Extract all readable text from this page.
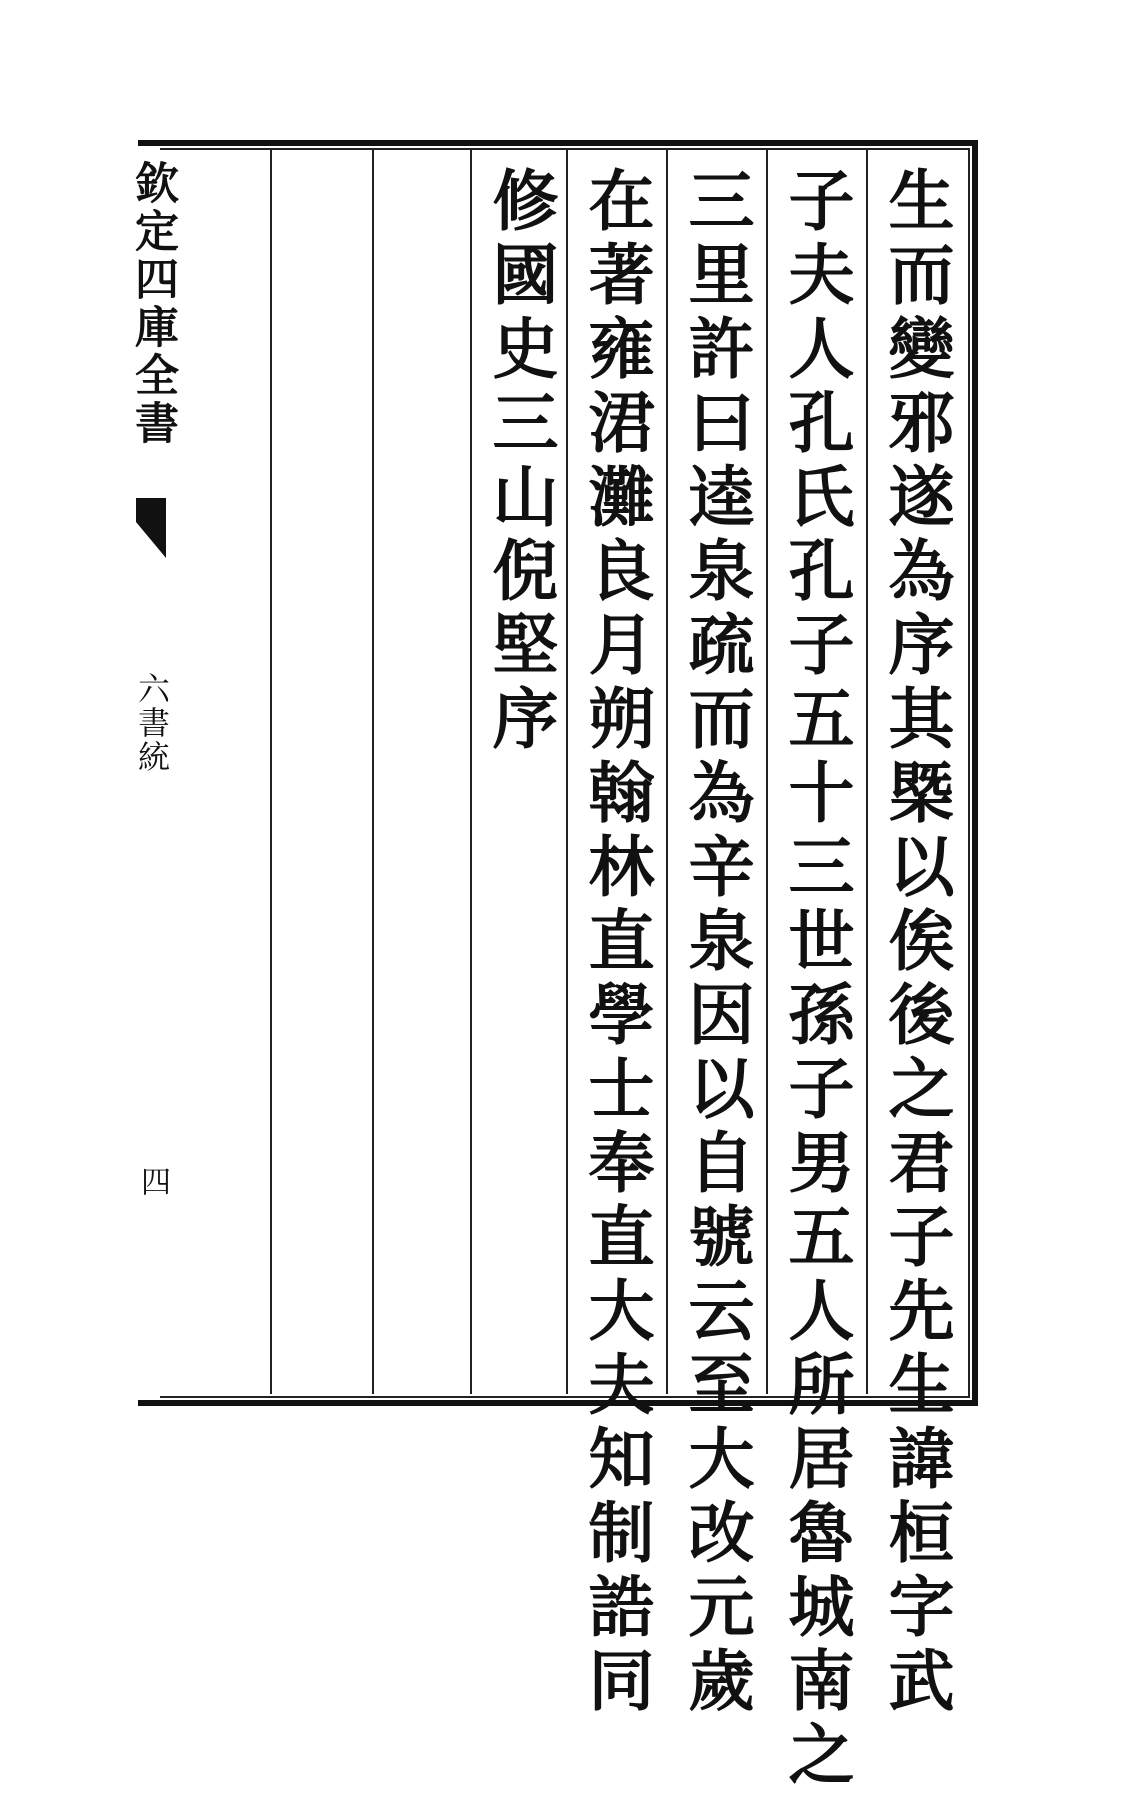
欽定四庫全書
六書統
四	生而變邪遂為序其槩以俟後之君子先生諱桓字武
子夫人孔氏孔子五十三世孫子男五人所居魯城南之
三里許曰逵泉疏而為辛泉因以自號云至大改元歲
在著雍涒灘良月朔翰林直學士奉直大夫知制誥同
修國史三山倪堅序
